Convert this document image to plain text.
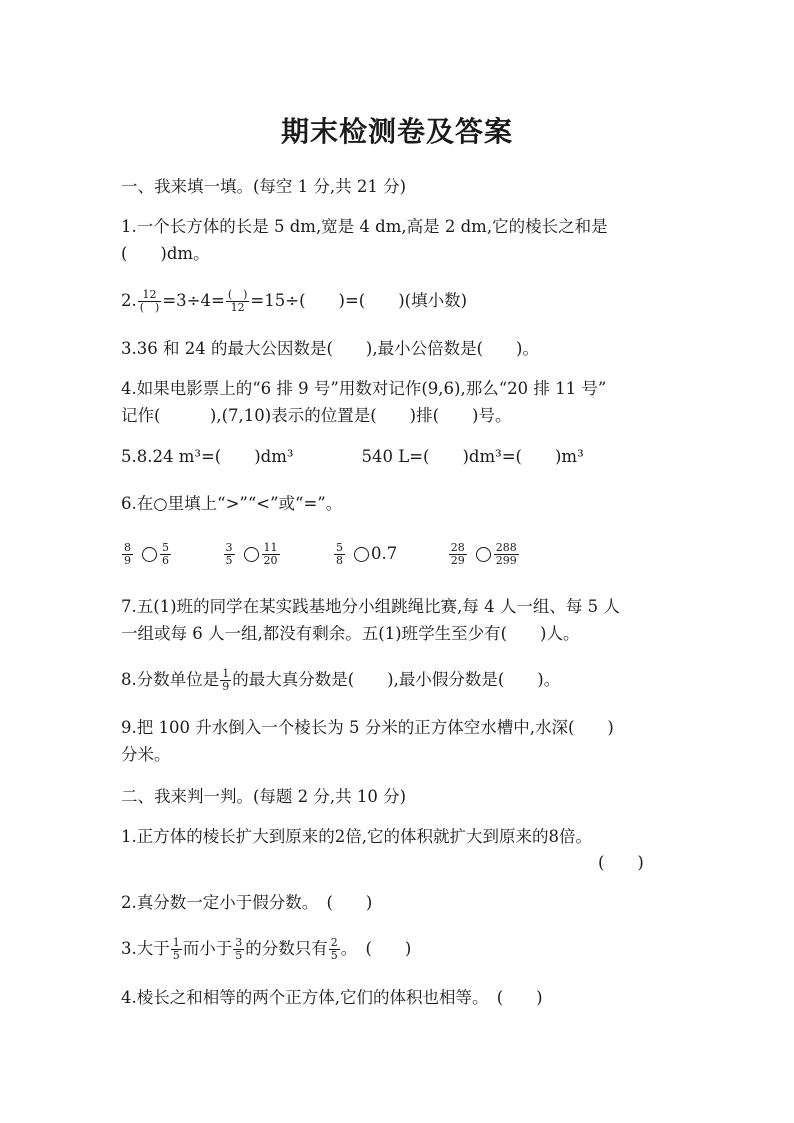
期末检测卷及答案
一、我来填一填。(每空 1 分,共 21 分)
1.一个长方体的长是 5 dm,宽是 4 dm,高是 2 dm,它的棱长之和是
(　　)dm。
2. $\frac{12}{( )} =3\div 4= \frac{( )}{12} =15\div$(　　)=(　　)(填小数)
3.36 和 24 的最大公因数是(　　),最小公倍数是(　　)。
4.如果电影票上的“6 排 9 号”用数对记作(9,6),那么“20 排 11 号”
记作(　　　),(7,10)表示的位置是(　　)排(　　)号。
5.8.24 m³=(　　)dm³	540 L=(　　)dm³=(　　)m³
6.在○里填上“>”“<”或“=”。
$\frac{8}{9} \frac{5}{6}$
	$\frac{3}{5} \frac{11}{20}$
	$\frac{5}{8} 0.7$	$\frac{28}{29} \frac{288}{299}$
7.五(1)班的同学在某实践基地分小组跳绳比赛,每 4 人一组、每 5 人
一组或每 6 人一组,都没有剩余。五(1)班学生至少有(　　)人。
8.分数单位是 $\frac{1}{9}$ 的最大真分数是(　　),最小假分数是(　　)。
9.把 100 升水倒入一个棱长为 5 分米的正方体空水槽中,水深(　　)
分米。
二、我来判一判。(每题 2 分,共 10 分)
1.正方体的棱长扩大到原来的2倍,它的体积就扩大到原来的8倍。
(　　)
2.真分数一定小于假分数。　(　　)
3.大于 $\frac{1}{5}$ 而小于 $\frac{3}{5}$ 的分数只有 $\frac{2}{5}$ 。　(　　)
4.棱长之和相等的两个正方体,它们的体积也相等。　(　　)
